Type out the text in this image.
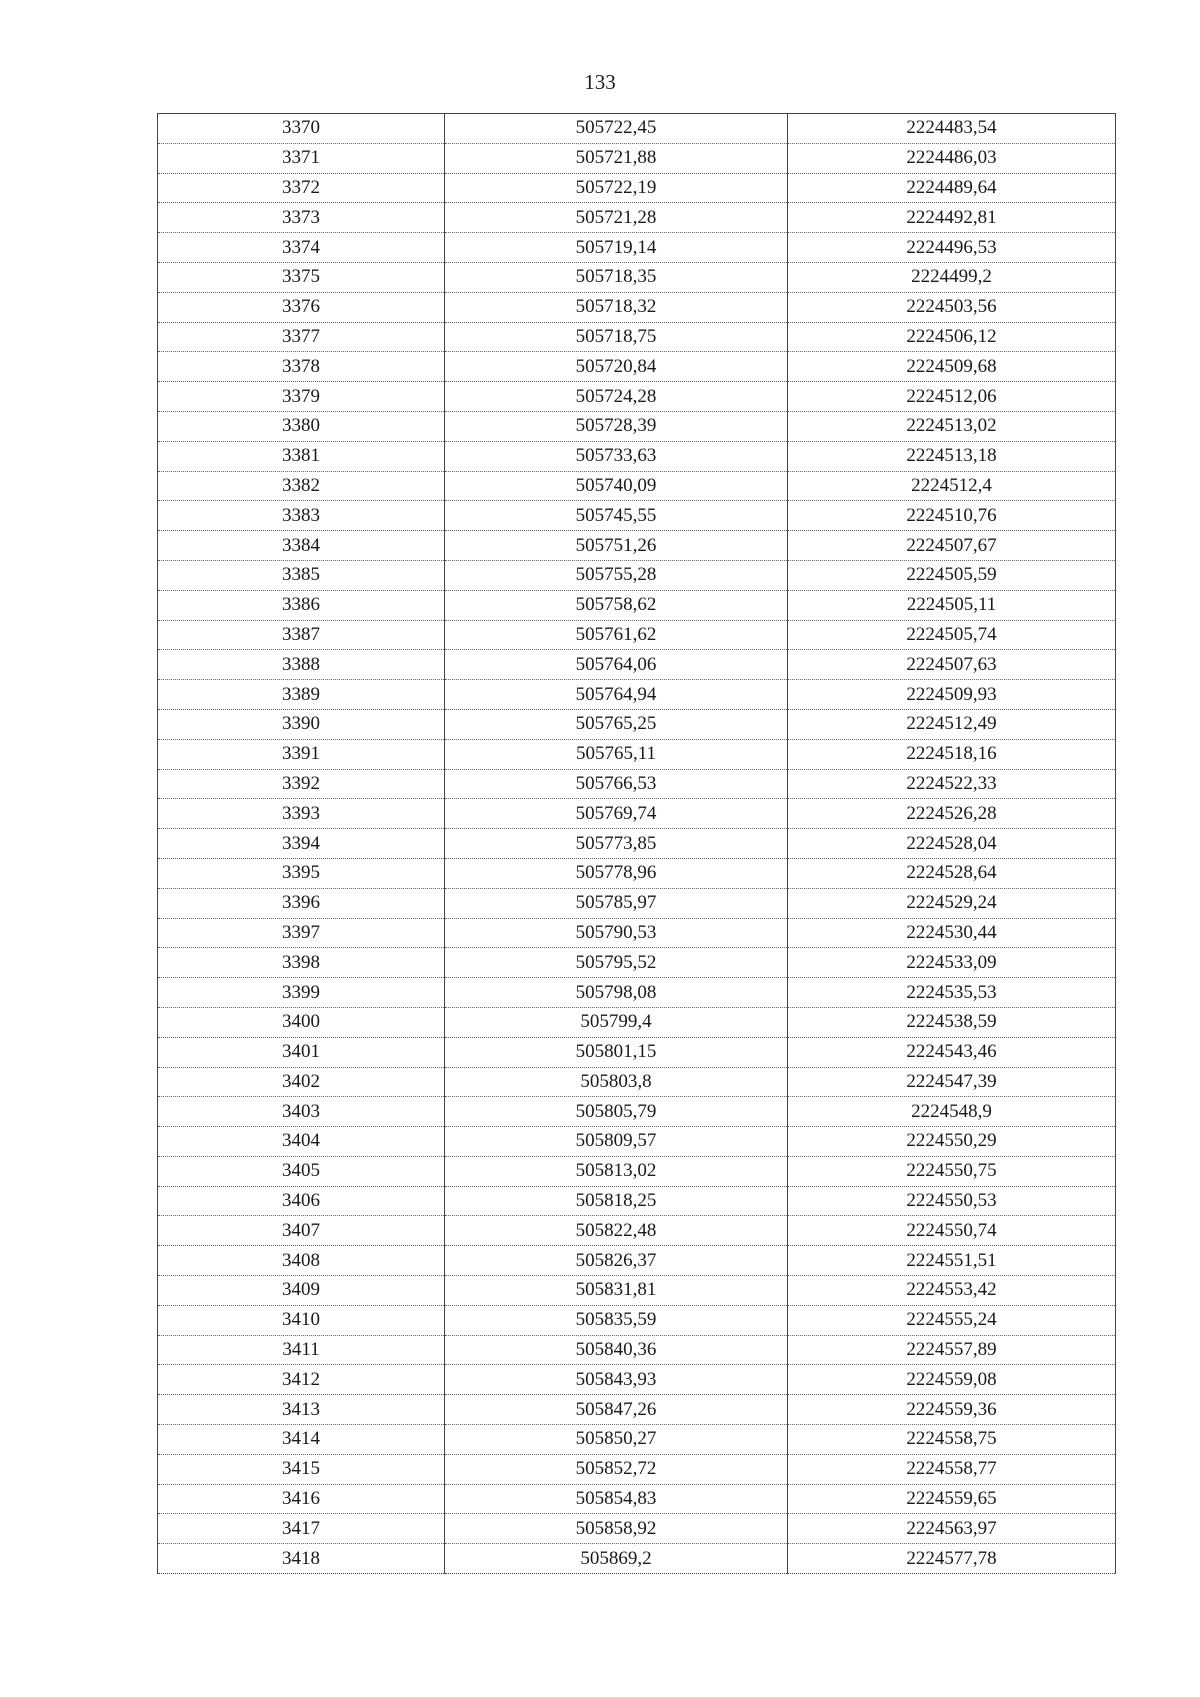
133
3370	505722,45	2224483,54
3371	505721,88	2224486,03
3372	505722,19	2224489,64
3373	505721,28	2224492,81
3374	505719,14	2224496,53
3375	505718,35	2224499,2
3376	505718,32	2224503,56
3377	505718,75	2224506,12
3378	505720,84	2224509,68
3379	505724,28	2224512,06
3380	505728,39	2224513,02
3381	505733,63	2224513,18
3382	505740,09	2224512,4
3383	505745,55	2224510,76
3384	505751,26	2224507,67
3385	505755,28	2224505,59
3386	505758,62	2224505,11
3387	505761,62	2224505,74
3388	505764,06	2224507,63
3389	505764,94	2224509,93
3390	505765,25	2224512,49
3391	505765,11	2224518,16
3392	505766,53	2224522,33
3393	505769,74	2224526,28
3394	505773,85	2224528,04
3395	505778,96	2224528,64
3396	505785,97	2224529,24
3397	505790,53	2224530,44
3398	505795,52	2224533,09
3399	505798,08	2224535,53
3400	505799,4	2224538,59
3401	505801,15	2224543,46
3402	505803,8	2224547,39
3403	505805,79	2224548,9
3404	505809,57	2224550,29
3405	505813,02	2224550,75
3406	505818,25	2224550,53
3407	505822,48	2224550,74
3408	505826,37	2224551,51
3409	505831,81	2224553,42
3410	505835,59	2224555,24
3411	505840,36	2224557,89
3412	505843,93	2224559,08
3413	505847,26	2224559,36
3414	505850,27	2224558,75
3415	505852,72	2224558,77
3416	505854,83	2224559,65
3417	505858,92	2224563,97
3418	505869,2	2224577,78
